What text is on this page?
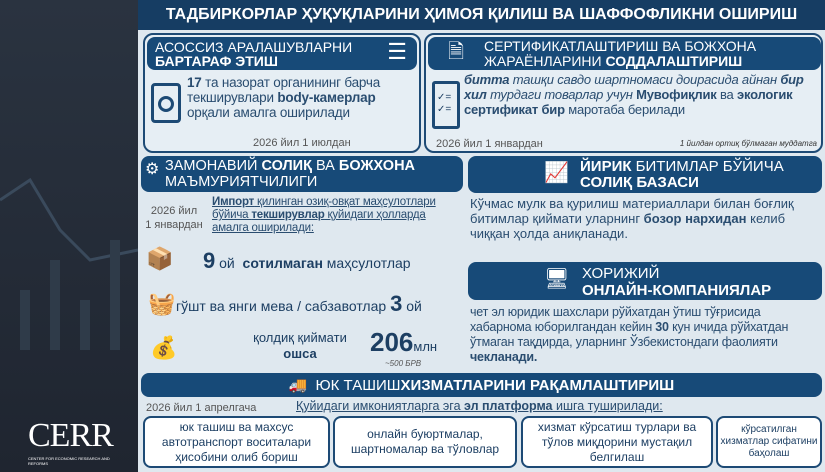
CERR
CENTER FOR ECONOMIC RESEARCH AND REFORMS
ТАДБИРКОРЛАР ҲУҚУҚЛАРИНИ ҲИМОЯ ҚИЛИШ ВА ШАФФОФЛИКНИ ОШИРИШ
АСОССИЗ АРАЛАШУВЛАРНИ
БАРТАРАФ ЭТИШ	☰
17 та назорат органининг барча текширувлари body-камерлар орқали амалга оширилади
2026 йил 1 июлдан
🗎 СЕРТИФИКАТЛАШТИРИШ ВА БОЖХОНА
ЖАРАЁНЛАРИНИ СОДДАЛАШТИРИШ
✓=
✓=
битта ташқи савдо шартномаси доирасида айнан бир хил турдаги товарлар учун Мувофиқлик ва экологик сертификат бир маротаба берилади
2026 йил 1 январдан	1 йилдан ортиқ бўлмаган муддатга
⚙ ЗАМОНАВИЙ СОЛИҚ ВА БОЖХОНА
МАЪМУРИЯТЧИЛИГИ
2026 йил
1 январдан
Импорт қилинган озиқ-овқат маҳсулотлари бўйича текширувлар қуйидаги ҳолларда амалга оширилади:
📦 9 ой сотилмаган маҳсулотлар
🧺 гўшт ва янги мева / сабзавотлар 3 ой
💰	қолдиқ қиймати
ошса	206млн
~500 БРВ
📈 ЙИРИК БИТИМЛАР БЎЙИЧА
СОЛИҚ БАЗАСИ
Кўчмас мулк ва қурилиш материаллари билан боғлиқ битимлар қиймати уларнинг бозор нархидан келиб чиққан ҳолда аниқланади.
🖥 ХОРИЖИЙ
ОНЛАЙН-КОМПАНИЯЛАР
чет эл юридик шахслари рўйхатдан ўтиш тўғрисида хабарнома юборилгандан кейин 30 кун ичида рўйхатдан ўтмаган тақдирда, уларнинг Ўзбекистондаги фаолияти чекланади.
🚚 ЮК ТАШИШ ХИЗМАТЛАРИНИ РАҚАМЛАШТИРИШ
2026 йил 1 апрелгача	Қуйидаги имкониятларга эга эл платформа ишга туширилади:
юк ташиш ва махсус автотранспорт воситалари ҳисобини олиб бориш
онлайн буюртмалар, шартномалар ва тўловлар
хизмат кўрсатиш турлари ва тўлов миқдорини мустақил белгилаш
кўрсатилган хизматлар сифатини баҳолаш
